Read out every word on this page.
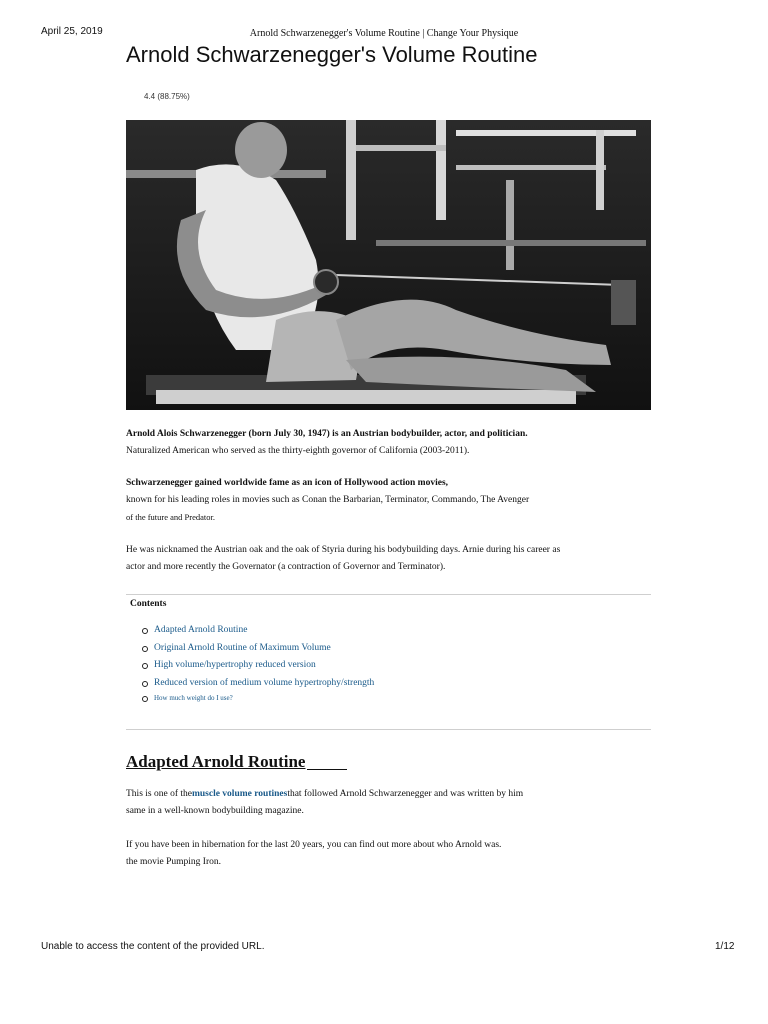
April 25, 2019	Arnold Schwarzenegger's Volume Routine | Change Your Physique
Arnold Schwarzenegger's Volume Routine
4.4 (88.75%)
Arnold Alois Schwarzenegger (born July 30, 1947) is an Austrian bodybuilder, actor, and politician.
Naturalized American who served as the thirty-eighth governor of California (2003-2011).
Schwarzenegger gained worldwide fame as an icon of Hollywood action movies,
known for his leading roles in movies such as Conan the Barbarian, Terminator, Commando, The Avenger
of the future and Predator.
He was nicknamed the Austrian oak and the oak of Styria during his bodybuilding days. Arnie during his career as
actor and more recently the Governator (a contraction of Governor and Terminator).
Contents
Adapted Arnold Routine
Original Arnold Routine of Maximum Volume
High volume/hypertrophy reduced version
Reduced version of medium volume hypertrophy/strength
How much weight do I use?
Adapted Arnold Routine
This is one of themuscle volume routinesthat followed Arnold Schwarzenegger and was written by him
same in a well-known bodybuilding magazine.
If you have been in hibernation for the last 20 years, you can find out more about who Arnold was.
the movie Pumping Iron.
Unable to access the content of the provided URL.	1/12
